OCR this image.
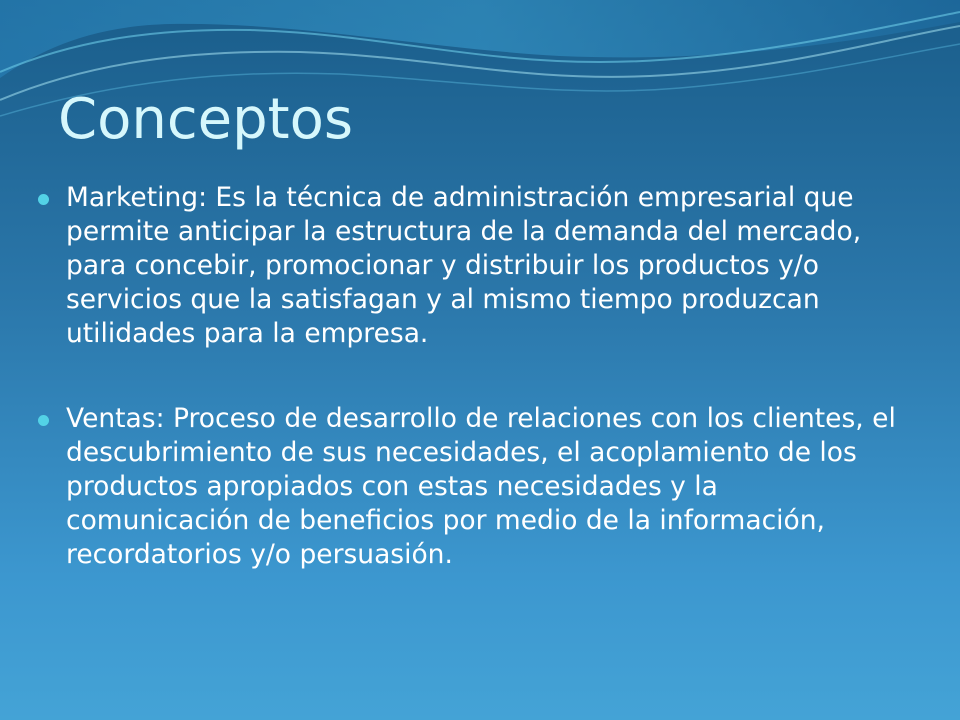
Conceptos
Marketing: Es la técnica de administración empresarial que permite anticipar la estructura de la demanda del mercado, para concebir, promocionar y distribuir los productos y/o servicios que la satisfagan y al mismo tiempo produzcan utilidades para la empresa.
Ventas: Proceso de desarrollo de relaciones con los clientes, el descubrimiento de sus necesidades, el acoplamiento de los productos apropiados con estas necesidades y la comunicación de beneficios por medio de la información, recordatorios y/o persuasión.
